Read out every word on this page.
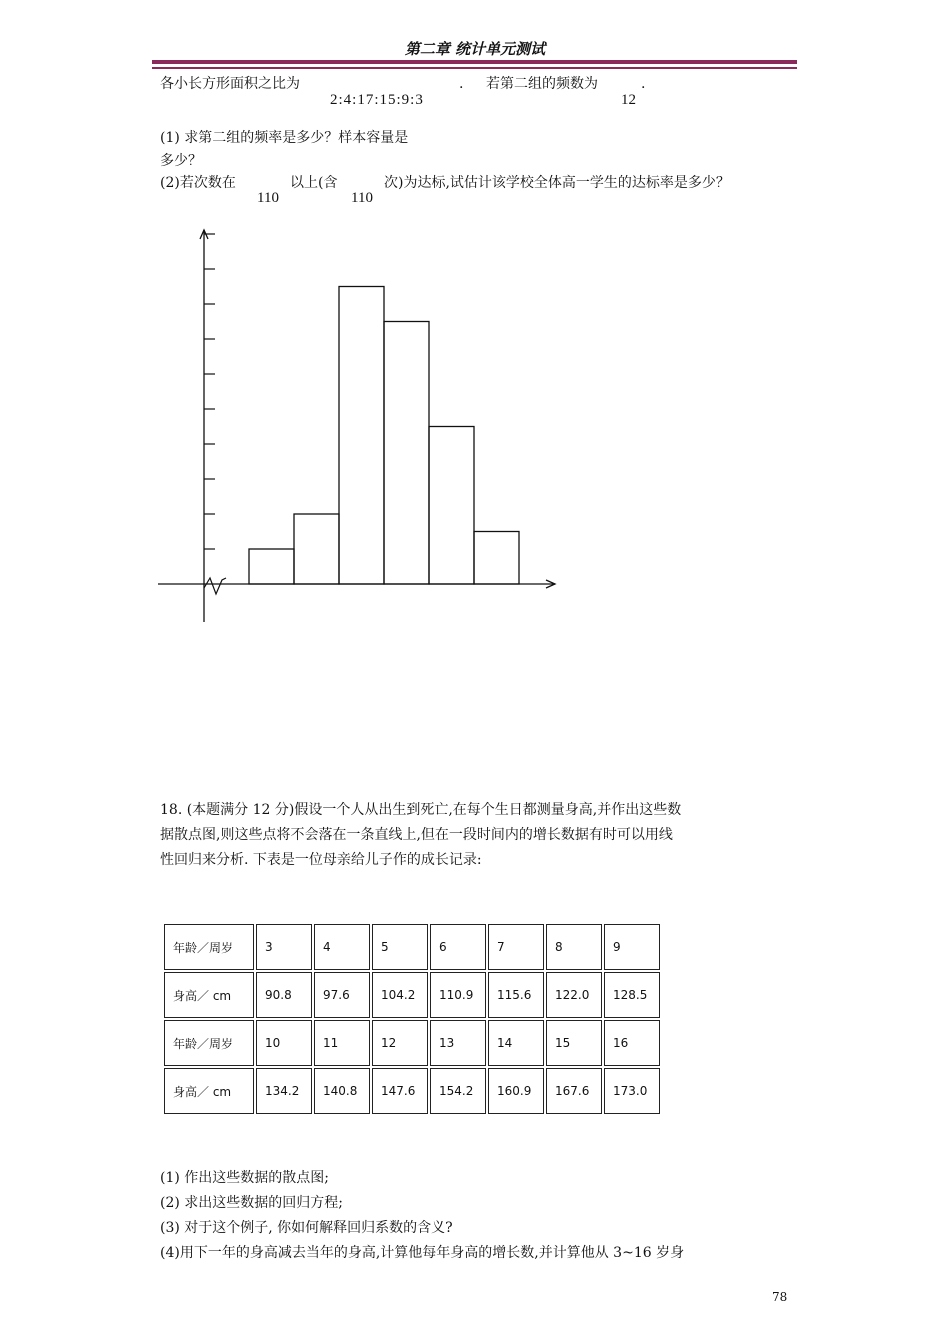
第二章 统计单元测试
各小长方形面积之比为	. 若第二组的频数为	.
2:4:17:15:9:3	12
(1) 求第二组的频率是多少？样本容量是
多少？
(2)若次数在	以上(含	次)为达标,试估计该学校全体高一学生的达标率是多少？
110	110
18. (本题满分 12 分)假设一个人从出生到死亡,在每个生日都测量身高,并作出这些数
据散点图,则这些点将不会落在一条直线上,但在一段时间内的增长数据有时可以用线
性回归来分析. 下表是一位母亲给儿子作的成长记录:
年龄／周岁	3	4	5	6	7	8	9
身高／ cm	90.8	97.6	104.2	110.9	115.6	122.0	128.5
年龄／周岁	10	11	12	13	14	15	16
身高／ cm	134.2	140.8	147.6	154.2	160.9	167.6	173.0
(1) 作出这些数据的散点图;
(2) 求出这些数据的回归方程;
(3) 对于这个例子, 你如何解释回归系数的含义?
(4)用下一年的身高减去当年的身高,计算他每年身高的增长数,并计算他从 3~16 岁身
78
